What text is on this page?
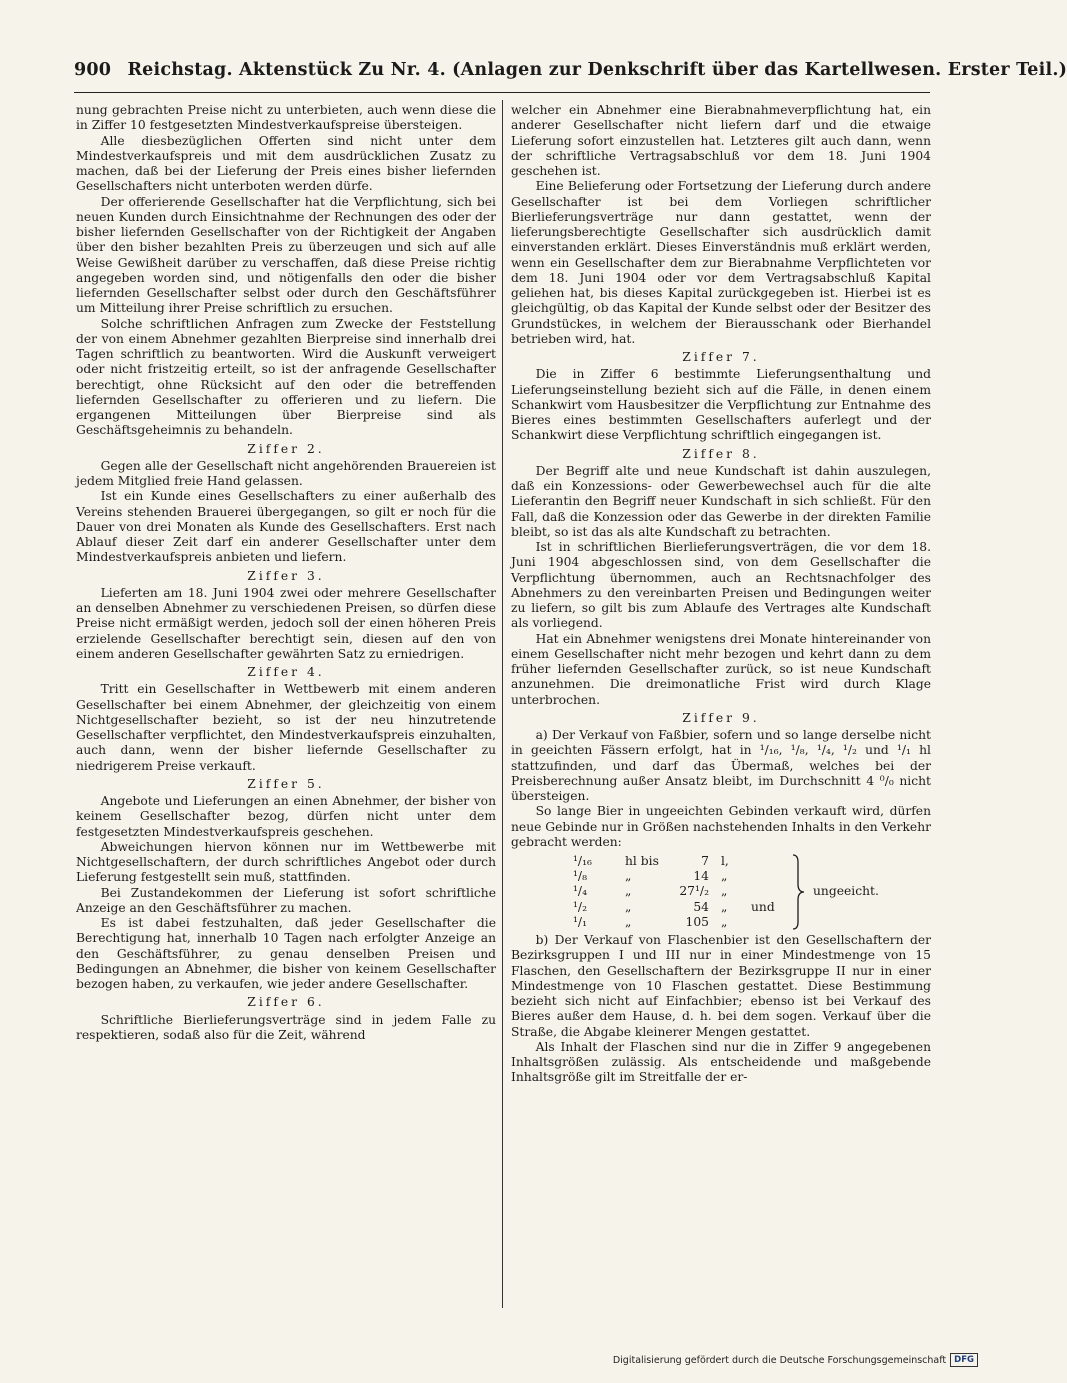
900 Reichstag. Aktenstück Zu Nr. 4. (Anlagen zur Denkschrift über das Kartellwesen. Erster Teil.)

nung gebrachten Preise nicht zu unterbieten, auch wenn diese die in Ziffer 10 festgesetzten Mindestverkaufspreise übersteigen.

Alle diesbezüglichen Offerten sind nicht unter dem Mindestverkaufspreis und mit dem ausdrücklichen Zusatz zu machen, daß bei der Lieferung der Preis eines bisher liefernden Gesellschafters nicht unterboten werden dürfe.

Der offerierende Gesellschafter hat die Verpflichtung, sich bei neuen Kunden durch Einsichtnahme der Rechnungen des oder der bisher liefernden Gesellschafter von der Richtigkeit der Angaben über den bisher bezahlten Preis zu überzeugen und sich auf alle Weise Gewißheit darüber zu verschaffen, daß diese Preise richtig angegeben worden sind, und nötigenfalls den oder die bisher liefernden Gesellschafter selbst oder durch den Geschäftsführer um Mitteilung ihrer Preise schriftlich zu ersuchen.

Solche schriftlichen Anfragen zum Zwecke der Feststellung der von einem Abnehmer gezahlten Bierpreise sind innerhalb drei Tagen schriftlich zu beantworten. Wird die Auskunft verweigert oder nicht fristzeitig erteilt, so ist der anfragende Gesellschafter berechtigt, ohne Rücksicht auf den oder die betreffenden liefernden Gesellschafter zu offerieren und zu liefern. Die ergangenen Mitteilungen über Bierpreise sind als Geschäftsgeheimnis zu behandeln.

Ziffer 2.

Gegen alle der Gesellschaft nicht angehörenden Brauereien ist jedem Mitglied freie Hand gelassen.

Ist ein Kunde eines Gesellschafters zu einer außerhalb des Vereins stehenden Brauerei übergegangen, so gilt er noch für die Dauer von drei Monaten als Kunde des Gesellschafters. Erst nach Ablauf dieser Zeit darf ein anderer Gesellschafter unter dem Mindestverkaufspreis anbieten und liefern.

Ziffer 3.

Lieferten am 18. Juni 1904 zwei oder mehrere Gesellschafter an denselben Abnehmer zu verschiedenen Preisen, so dürfen diese Preise nicht ermäßigt werden, jedoch soll der einen höheren Preis erzielende Gesellschafter berechtigt sein, diesen auf den von einem anderen Gesellschafter gewährten Satz zu erniedrigen.

Ziffer 4.

Tritt ein Gesellschafter in Wettbewerb mit einem anderen Gesellschafter bei einem Abnehmer, der gleichzeitig von einem Nichtgesellschafter bezieht, so ist der neu hinzutretende Gesellschafter verpflichtet, den Mindestverkaufspreis einzuhalten, auch dann, wenn der bisher liefernde Gesellschafter zu niedrigerem Preise verkauft.

Ziffer 5.

Angebote und Lieferungen an einen Abnehmer, der bisher von keinem Gesellschafter bezog, dürfen nicht unter dem festgesetzten Mindestverkaufspreis geschehen.

Abweichungen hiervon können nur im Wettbewerbe mit Nichtgesellschaftern, der durch schriftliches Angebot oder durch Lieferung festgestellt sein muß, stattfinden.

Bei Zustandekommen der Lieferung ist sofort schriftliche Anzeige an den Geschäftsführer zu machen.

Es ist dabei festzuhalten, daß jeder Gesellschafter die Berechtigung hat, innerhalb 10 Tagen nach erfolgter Anzeige an den Geschäftsführer, zu genau denselben Preisen und Bedingungen an Abnehmer, die bisher von keinem Gesellschafter bezogen haben, zu verkaufen, wie jeder andere Gesellschafter.

Ziffer 6.

Schriftliche Bierlieferungsverträge sind in jedem Falle zu respektieren, sodaß also für die Zeit, während

welcher ein Abnehmer eine Bierabnahmeverpflichtung hat, ein anderer Gesellschafter nicht liefern darf und die etwaige Lieferung sofort einzustellen hat. Letzteres gilt auch dann, wenn der schriftliche Vertragsabschluß vor dem 18. Juni 1904 geschehen ist.

Eine Belieferung oder Fortsetzung der Lieferung durch andere Gesellschafter ist bei dem Vorliegen schriftlicher Bierlieferungsverträge nur dann gestattet, wenn der lieferungsberechtigte Gesellschafter sich ausdrücklich damit einverstanden erklärt. Dieses Einverständnis muß erklärt werden, wenn ein Gesellschafter dem zur Bierabnahme Verpflichteten vor dem 18. Juni 1904 oder vor dem Vertragsabschluß Kapital geliehen hat, bis dieses Kapital zurückgegeben ist. Hierbei ist es gleichgültig, ob das Kapital der Kunde selbst oder der Besitzer des Grundstückes, in welchem der Bierausschank oder Bierhandel betrieben wird, hat.

Ziffer 7.

Die in Ziffer 6 bestimmte Lieferungsenthaltung und Lieferungseinstellung bezieht sich auf die Fälle, in denen einem Schankwirt vom Hausbesitzer die Verpflichtung zur Entnahme des Bieres eines bestimmten Gesellschafters auferlegt und der Schankwirt diese Verpflichtung schriftlich eingegangen ist.

Ziffer 8.

Der Begriff alte und neue Kundschaft ist dahin auszulegen, daß ein Konzessions- oder Gewerbewechsel auch für die alte Lieferantin den Begriff neuer Kundschaft in sich schließt. Für den Fall, daß die Konzession oder das Gewerbe in der direkten Familie bleibt, so ist das als alte Kundschaft zu betrachten.

Ist in schriftlichen Bierlieferungsverträgen, die vor dem 18. Juni 1904 abgeschlossen sind, von dem Gesellschafter die Verpflichtung übernommen, auch an Rechtsnachfolger des Abnehmers zu den vereinbarten Preisen und Bedingungen weiter zu liefern, so gilt bis zum Ablaufe des Vertrages alte Kundschaft als vorliegend.

Hat ein Abnehmer wenigstens drei Monate hintereinander von einem Gesellschafter nicht mehr bezogen und kehrt dann zu dem früher liefernden Gesellschafter zurück, so ist neue Kundschaft anzunehmen. Die dreimonatliche Frist wird durch Klage unterbrochen.

Ziffer 9.

a) Der Verkauf von Faßbier, sofern und so lange derselbe nicht in geeichten Fässern erfolgt, hat in ¹/₁₆, ¹/₈, ¹/₄, ¹/₂ und ¹/₁ hl stattzufinden, und darf das Übermaß, welches bei der Preisberechnung außer Ansatz bleibt, im Durchschnitt 4 ⁰/₀ nicht übersteigen.

So lange Bier in ungeeichten Gebinden verkauft wird, dürfen neue Gebinde nur in Größen nachstehenden Inhalts in den Verkehr gebracht werden:

¹/₁₆	hl bis	7 l,
¹/₈	„	14 „
¹/₄	„	27¹/₂ „
¹/₂	„	54 „	und
¹/₁	„	105 „
ungeeicht.

b) Der Verkauf von Flaschenbier ist den Gesellschaftern der Bezirksgruppen I und III nur in einer Mindestmenge von 15 Flaschen, den Gesellschaftern der Bezirksgruppe II nur in einer Mindestmenge von 10 Flaschen gestattet. Diese Bestimmung bezieht sich nicht auf Einfachbier; ebenso ist bei Verkauf des Bieres außer dem Hause, d. h. bei dem sogen. Verkauf über die Straße, die Abgabe kleinerer Mengen gestattet.

Als Inhalt der Flaschen sind nur die in Ziffer 9 angegebenen Inhaltsgrößen zulässig. Als entscheidende und maßgebende Inhaltsgröße gilt im Streitfalle der er-

Digitalisierung gefördert durch die Deutsche Forschungsgemeinschaft DFG
